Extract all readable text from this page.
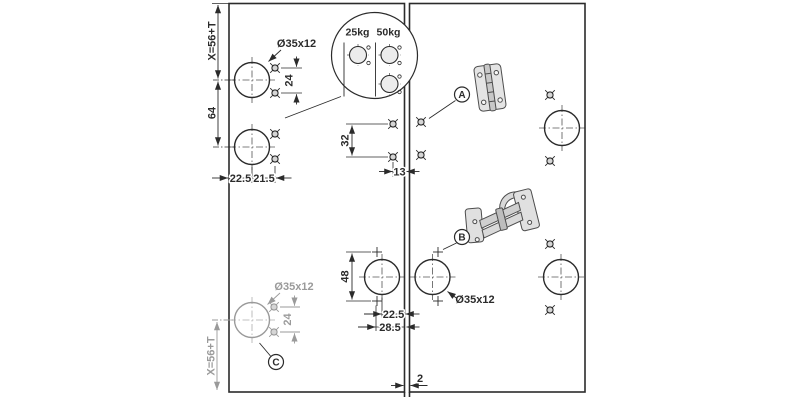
X=56+T
64
24
Ø35x12
22.5 21.5
32
13
48
22.5
28.5
2
24
Ø35x12
X=56+T
25kg 50kg
A
B
C
Ø35x12
